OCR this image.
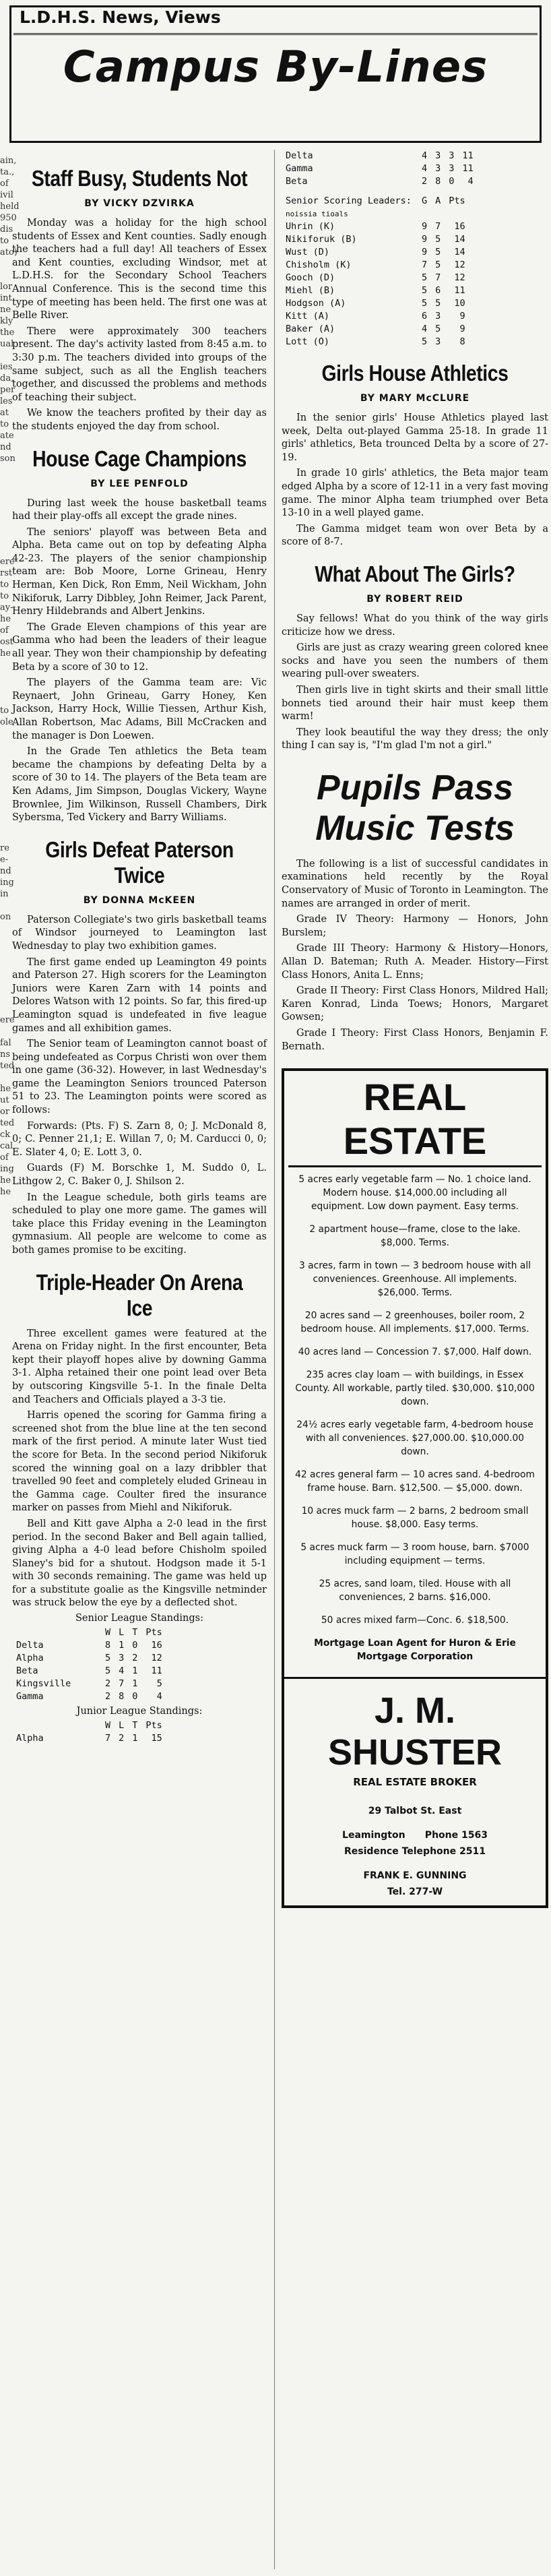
L.D.H.S. News, Views
Campus By-Lines
ain,
ta.,
of
ivil
held
950
dis
to
ato)

lor
int
ne
kly
the
ual

ies
da,
per
les
at
to
ate
nd
son

ere
rst
to
to
ay-
he
of
ost
he

to
ole

re
e-
nd
ing
in

on

ere

fal
ns
ted

he
ut
or
ted
ck
cal
of
ing
he
he
Staff Busy, Students Not
BY VICKY DZVIRKA

Monday was a holiday for the high school students of Essex and Kent counties. Sadly enough the teachers had a full day! All teachers of Essex and Kent counties, excluding Windsor, met at L.D.H.S. for the Secondary School Teachers Annual Conference. This is the second time this type of meeting has been held. The first one was at Belle River.

There were approximately 300 teachers present. The day's activity lasted from 8:45 a.m. to 3:30 p.m. The teachers divided into groups of the same subject, such as all the English teachers together, and discussed the problems and methods of teaching their subject.

We know the teachers profited by their day as the students enjoyed the day from school.

House Cage Champions
BY LEE PENFOLD

During last week the house basketball teams had their play-offs all except the grade nines.

The seniors' playoff was between Beta and Alpha. Beta came out on top by defeating Alpha 42-23. The players of the senior championship team are: Bob Moore, Lorne Grineau, Henry Herman, Ken Dick, Ron Emm, Neil Wickham, John Nikiforuk, Larry Dibbley, John Reimer, Jack Parent, Henry Hildebrands and Albert Jenkins.

The Grade Eleven champions of this year are Gamma who had been the leaders of their league all year. They won their championship by defeating Beta by a score of 30 to 12.

The players of the Gamma team are: Vic Reynaert, John Grineau, Garry Honey, Ken Jackson, Harry Hock, Willie Tiessen, Arthur Kish, Allan Robertson, Mac Adams, Bill McCracken and the manager is Don Loewen.

In the Grade Ten athletics the Beta team became the champions by defeating Delta by a score of 30 to 14. The players of the Beta team are Ken Adams, Jim Simpson, Douglas Vickery, Wayne Brownlee, Jim Wilkinson, Russell Chambers, Dirk Sybersma, Ted Vickery and Barry Williams.

Girls Defeat Paterson Twice
BY DONNA McKEEN

Paterson Collegiate's two girls basketball teams of Windsor journeyed to Leamington last Wednesday to play two exhibition games.

The first game ended up Leamington 49 points and Paterson 27. High scorers for the Leamington Juniors were Karen Zarn with 14 points and Delores Watson with 12 points. So far, this fired-up Leamington squad is undefeated in five league games and all exhibition games.

The Senior team of Leamington cannot boast of being undefeated as Corpus Christi won over them in one game (36-32). However, in last Wednesday's game the Leamington Seniors trounced Paterson 51 to 23. The Leamington points were scored as follows:

Forwards: (Pts. F) S. Zarn 8, 0; J. McDonald 8, 0; C. Penner 21,1; E. Willan 7, 0; M. Carducci 0, 0; E. Slater 4, 0; E. Lott 3, 0.

Guards (F) M. Borschke 1, M. Suddo 0, L. Lithgow 2, C. Baker 0, J. Shilson 2.

In the League schedule, both girls teams are scheduled to play one more game. The games will take place this Friday evening in the Leamington gymnasium. All people are welcome to come as both games promise to be exciting.

Triple-Header On Arena Ice

Three excellent games were featured at the Arena on Friday night. In the first encounter, Beta kept their playoff hopes alive by downing Gamma 3-1. Alpha retained their one point lead over Beta by outscoring Kingsville 5-1. In the finale Delta and Teachers and Officials played a 3-3 tie.

Harris opened the scoring for Gamma firing a screened shot from the blue line at the ten second mark of the first period. A minute later Wust tied the score for Beta. In the second period Nikiforuk scored the winning goal on a lazy dribbler that travelled 90 feet and completely eluded Grineau in the Gamma cage. Coulter fired the insurance marker on passes from Miehl and Nikiforuk.

Bell and Kitt gave Alpha a 2-0 lead in the first period. In the second Baker and Bell again tallied, giving Alpha a 4-0 lead before Chisholm spoiled Slaney's bid for a shutout. Hodgson made it 5-1 with 30 seconds remaining. The game was held up for a substitute goalie as the Kingsville netminder was struck below the eye by a deflected shot.

Senior League Standings:
	W	L	T	Pts
Delta	8	1	0	16
Alpha	5	3	2	12
Beta	5	4	1	11
Kingsville	2	7	1	5
Gamma	2	8	0	4
Junior League Standings:
	W	L	T	Pts
Alpha	7	2	1	15
Delta	4	3	3	11
Gamma	4	3	3	11
Beta	2	8	0	4
Senior Scoring Leaders:	G	A	Pts
noissia tioals			
Uhrin (K)	9	7	16
Nikiforuk (B)	9	5	14
Wust (D)	9	5	14
Chisholm (K)	7	5	12
Gooch (D)	5	7	12
Miehl (B)	5	6	11
Hodgson (A)	5	5	10
Kitt (A)	6	3	9
Baker (A)	4	5	9
Lott (O)	5	3	8
Girls House Athletics
BY MARY McCLURE

In the senior girls' House Athletics played last week, Delta out-played Gamma 25-18. In grade 11 girls' athletics, Beta trounced Delta by a score of 27-19.

In grade 10 girls' athletics, the Beta major team edged Alpha by a score of 12-11 in a very fast moving game. The minor Alpha team triumphed over Beta 13-10 in a well played game.

The Gamma midget team won over Beta by a score of 8-7.

What About The Girls?
BY ROBERT REID

Say fellows! What do you think of the way girls criticize how we dress.

Girls are just as crazy wearing green colored knee socks and have you seen the numbers of them wearing pull-over sweaters.

Then girls live in tight skirts and their small little bonnets tied around their hair must keep them warm!

They look beautiful the way they dress; the only thing I can say is, "I'm glad I'm not a girl."

Pupils Pass Music Tests

The following is a list of successful candidates in examinations held recently by the Royal Conservatory of Music of Toronto in Leamington. The names are arranged in order of merit.

Grade IV Theory: Harmony — Honors, John Burslem;

Grade III Theory: Harmony & History—Honors, Allan D. Bateman; Ruth A. Meader. History—First Class Honors, Anita L. Enns;

Grade II Theory: First Class Honors, Mildred Hall; Karen Konrad, Linda Toews; Honors, Margaret Gowsen;

Grade I Theory: First Class Honors, Benjamin F. Bernath.

REAL ESTATE

5 acres early vegetable farm — No. 1 choice land. Modern house. $14,000.00 including all equipment. Low down payment. Easy terms.

2 apartment house—frame, close to the lake. $8,000. Terms.

3 acres, farm in town — 3 bedroom house with all conveniences. Greenhouse. All implements. $26,000. Terms.

20 acres sand — 2 greenhouses, boiler room, 2 bedroom house. All implements. $17,000. Terms.

40 acres land — Concession 7. $7,000. Half down.

235 acres clay loam — with buildings, in Essex County. All workable, partly tiled. $30,000. $10,000 down.

24½ acres early vegetable farm, 4-bedroom house with all conveniences. $27,000.00. $10,000.00 down.

42 acres general farm — 10 acres sand. 4-bedroom frame house. Barn. $12,500. — $5,000. down.

10 acres muck farm — 2 barns, 2 bedroom small house. $8,000. Easy terms.

5 acres muck farm — 3 room house, barn. $7000 including equipment — terms.

25 acres, sand loam, tiled. House with all conveniences, 2 barns. $16,000.

50 acres mixed farm—Conc. 6. $18,500.

Mortgage Loan Agent for Huron & Erie Mortgage Corporation

J. M. SHUSTER
REAL ESTATE BROKER
29 Talbot St. East
Leamington      Phone 1563
Residence Telephone 2511
FRANK E. GUNNING
Tel. 277-W
